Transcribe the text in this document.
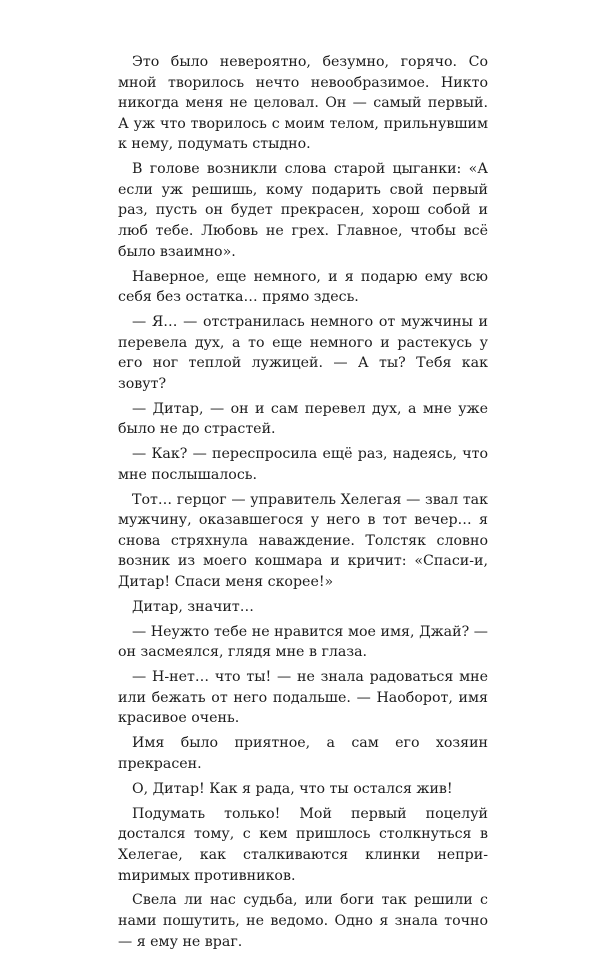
Это было невероятно, безумно, горячо. Со мной творилось нечто невообразимое. Никто никогда меня не целовал. Он — самый первый. А уж что творилось с моим телом, прильнувшим к нему, подумать стыдно.

В голове возникли слова старой цыганки: «А если уж решишь, кому подарить свой первый раз, пусть он будет прекрасен, хорош собой и люб тебе. Любовь не грех. Главное, чтобы всё было взаимно».

Наверное, еще немного, и я подарю ему всю себя без остатка… прямо здесь.

— Я… — отстранилась немного от мужчины и перевела дух, а то еще немного и растекусь у его ног теплой лужицей. — А ты? Тебя как зовут?

— Дитар, — он и сам перевел дух, а мне уже было не до страстей.

— Как? — переспросила ещё раз, надеясь, что мне послышалось.

Тот… герцог — управитель Хелегая — звал так мужчину, оказавшегося у него в тот вечер… я снова стряхнула наваждение. Толстяк словно возник из моего кошмара и кричит: «Спаси-и, Дитар! Спаси меня скорее!»

Дитар, значит…

— Неужто тебе не нравится мое имя, Джай? — он засмеялся, глядя мне в глаза.

— Н-нет… что ты! — не знала радоваться мне или бежать от него подальше. — Наоборот, имя красивое очень.

Имя было приятное, а сам его хозяин прекрасен.

О, Дитар! Как я рада, что ты остался жив!

Подумать только! Мой первый поцелуй достался тому, с кем пришлось столкнуться в Хелегае, как сталкиваются клинки неприmиримых противников.

Свела ли нас судьба, или боги так решили с нами пошутить, не ведомо. Одно я знала точно — я ему не враг.
